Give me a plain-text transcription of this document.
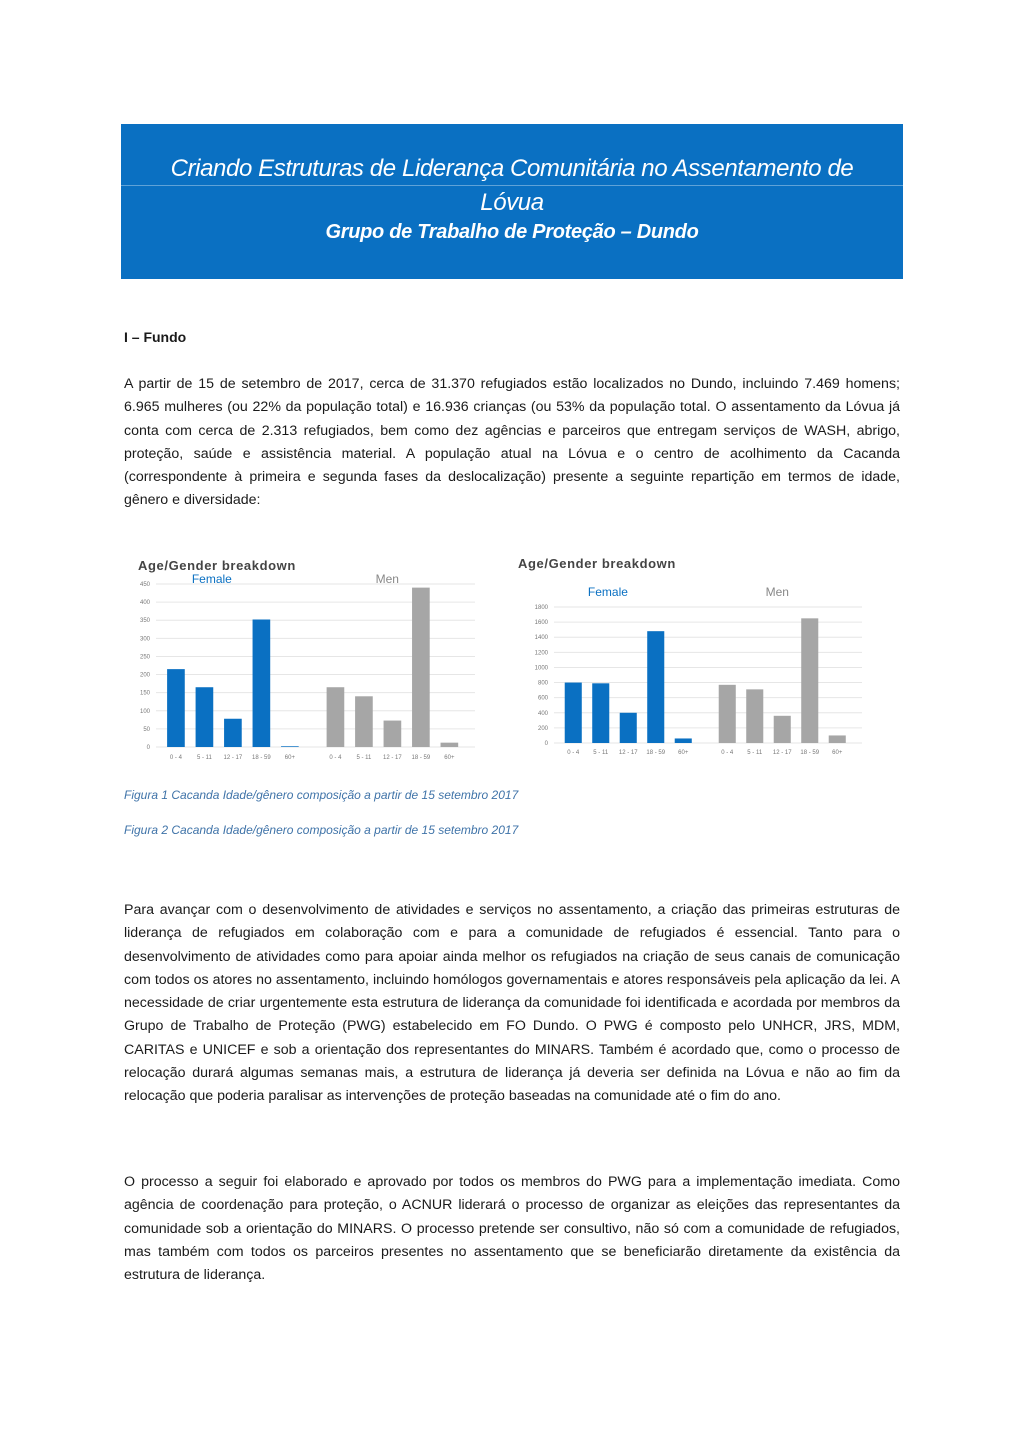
Criando Estruturas de Liderança Comunitária no Assentamento de Lóvua
Grupo de Trabalho de Proteção – Dundo
I – Fundo

A partir de 15 de setembro de 2017, cerca de 31.370 refugiados estão localizados no Dundo, incluindo 7.469 homens; 6.965 mulheres (ou 22% da população total) e 16.936 crianças (ou 53% da população total. O assentamento da Lóvua já conta com cerca de 2.313 refugiados, bem como dez agências e parceiros que entregam serviços de WASH, abrigo, proteção, saúde e assistência material. A população atual na Lóvua e o centro de acolhimento da Cacanda (correspondente à primeira e segunda fases da deslocalização) presente a seguinte repartição em termos de idade, gênero e diversidade:

Age/Gender breakdown
0
50
100
150
200
250
300
350
400
450	Female
0 - 4	5 - 11 12 - 17 18 - 59 60+
Men
0 - 4	5 - 11 12 - 17 18 - 59 60+
Age/Gender breakdown
0
200
400
600
800
1000
1200
1400
1600
1800
Female
0 - 4 5 - 11 12 - 17 18 - 59 60+
Men
0 - 4 5 - 11 12 - 17 18 - 59 60+
Figura 1 Cacanda Idade/gênero composição a partir de 15 setembro 2017
Figura 2 Cacanda Idade/gênero composição a partir de 15 setembro 2017

Para avançar com o desenvolvimento de atividades e serviços no assentamento, a criação das primeiras estruturas de liderança de refugiados em colaboração com e para a comunidade de refugiados é essencial. Tanto para o desenvolvimento de atividades como para apoiar ainda melhor os refugiados na criação de seus canais de comunicação com todos os atores no assentamento, incluindo homólogos governamentais e atores responsáveis pela aplicação da lei. A necessidade de criar urgentemente esta estrutura de liderança da comunidade foi identificada e acordada por membros da Grupo de Trabalho de Proteção (PWG) estabelecido em FO Dundo. O PWG é composto pelo UNHCR, JRS, MDM, CARITAS e UNICEF e sob a orientação dos representantes do MINARS. Também é acordado que, como o processo de relocação durará algumas semanas mais, a estrutura de liderança já deveria ser definida na Lóvua e não ao fim da relocação que poderia paralisar as intervenções de proteção baseadas na comunidade até o fim do ano.

O processo a seguir foi elaborado e aprovado por todos os membros do PWG para a implementação imediata. Como agência de coordenação para proteção, o ACNUR liderará o processo de organizar as eleições das representantes da comunidade sob a orientação do MINARS. O processo pretende ser consultivo, não só com a comunidade de refugiados, mas também com todos os parceiros presentes no assentamento que se beneficiarão diretamente da existência da estrutura de liderança.
